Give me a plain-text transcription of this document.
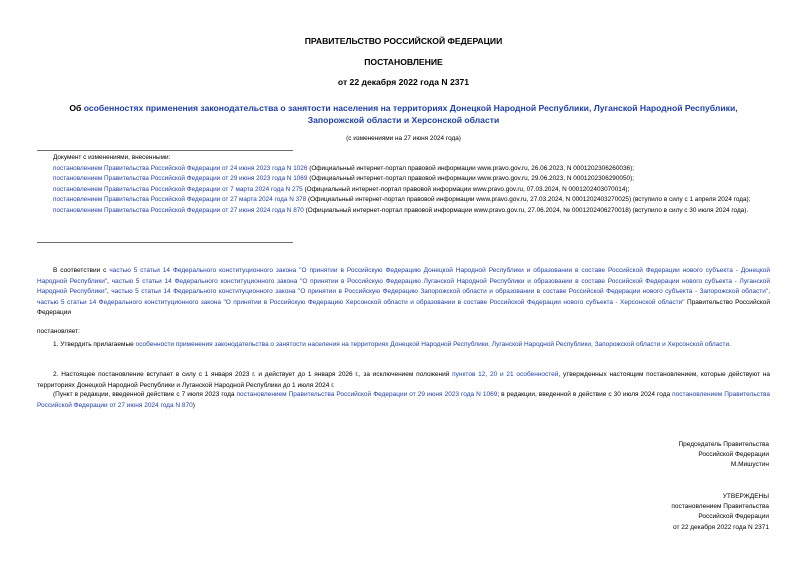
ПРАВИТЕЛЬСТВО РОССИЙСКОЙ ФЕДЕРАЦИИ
ПОСТАНОВЛЕНИЕ
от 22 декабря 2022 года N 2371
Об особенностях применения законодательства о занятости населения на территориях Донецкой Народной Республики, Луганской Народной Республики, Запорожской области и Херсонской области
(с изменениями на 27 июня 2024 года)
Документ с изменениями, внесенными:
постановлением Правительства Российской Федерации от 24 июня 2023 года N 1026 (Официальный интернет-портал правовой информации www.pravo.gov.ru, 26.06.2023, N 0001202306260036);
постановлением Правительства Российской Федерации от 29 июня 2023 года N 1069 (Официальный интернет-портал правовой информации www.pravo.gov.ru, 29.06.2023, N 0001202306290050);
постановлением Правительства Российской Федерации от 7 марта 2024 года N 275 (Официальный интернет-портал правовой информации www.pravo.gov.ru, 07.03.2024, N 0001202403070014);
постановлением Правительства Российской Федерации от 27 марта 2024 года N 378 (Официальный интернет-портал правовой информации www.pravo.gov.ru, 27.03.2024, N 0001202403270025) (вступило в силу с 1 апреля 2024 года);
постановлением Правительства Российской Федерации от 27 июня 2024 года N 870 (Официальный интернет-портал правовой информации www.pravo.gov.ru, 27.06.2024, № 0001202406270018) (вступило в силу с 30 июля 2024 года).
В соответствии с частью 5 статьи 14 Федерального конституционного закона "О принятии в Российскую Федерацию Донецкой Народной Республики и образовании в составе Российской Федерации нового субъекта - Донецкой Народной Республики", частью 5 статьи 14 Федерального конституционного закона "О принятии в Российскую Федерацию Луганской Народной Республики и образовании в составе Российской Федерации нового субъекта - Луганской Народной Республики", частью 5 статьи 14 Федерального конституционного закона "О принятии в Российскую Федерацию Запорожской области и образовании в составе Российской Федерации нового субъекта - Запорожской области", частью 5 статьи 14 Федерального конституционного закона "О принятии в Российскую Федерацию Херсонской области и образовании в составе Российской Федерации нового субъекта - Херсонской области" Правительство Российской Федерации
постановляет:
1. Утвердить прилагаемые особенности применения законодательства о занятости населения на территориях Донецкой Народной Республики, Луганской Народной Республики, Запорожской области и Херсонской области.
2. Настоящее постановление вступает в силу с 1 января 2023 г. и действует до 1 января 2026 г., за исключением положений пунктов 12, 20 и 21 особенностей, утвержденных настоящим постановлением, которые действуют на территориях Донецкой Народной Республики и Луганской Народной Республики до 1 июля 2024 г.
(Пункт в редакции, введенной действие с 7 июля 2023 года постановлением Правительства Российской Федерации от 29 июня 2023 года N 1069; в редакции, введенной в действие с 30 июля 2024 года постановлением Правительства Российской Федерации от 27 июня 2024 года N 870)
Председатель Правительства
Российской Федерации
М.Мишустин
УТВЕРЖДЕНЫ
постановлением Правительства
Российской Федерации
от 22 декабря 2022 года N 2371
